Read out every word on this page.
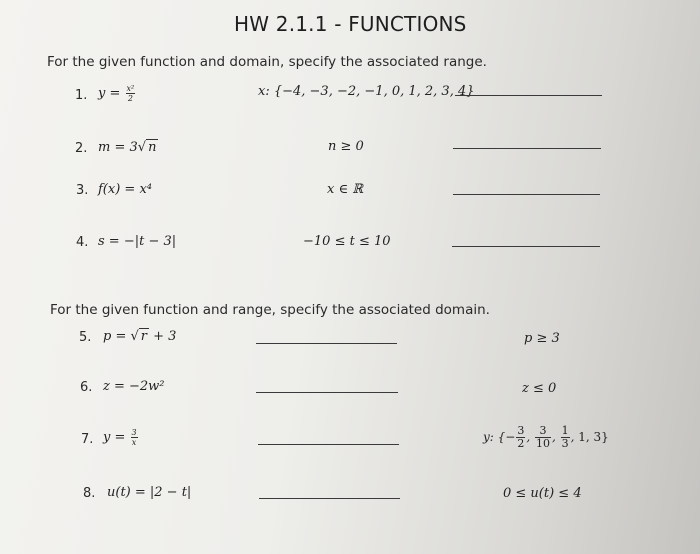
HW 2.1.1 - FUNCTIONS
For the given function and domain, specify the associated range.
1. $y = \frac{\text{x²}}{2}$	x: {−4, −3, −2, −1, 0, 1, 2, 3, 4}
2. m = 3√ n	n ≥ 0
3. f(x) = x⁴	x ∈ ℝ
4. s = −|t − 3|	−10 ≤ t ≤ 10
For the given function and range, specify the associated domain.
5. p = √ r + 3	p ≥ 3
6. z = −2w²	z ≤ 0
7. $y = \frac{3}{x}$	y: {− $\frac{3}{2}$ , $\frac{3}{10}$ , $\frac{1}{3}$ , 1, 3}
8. u(t) = |2 − t|	0 ≤ u(t) ≤ 4
